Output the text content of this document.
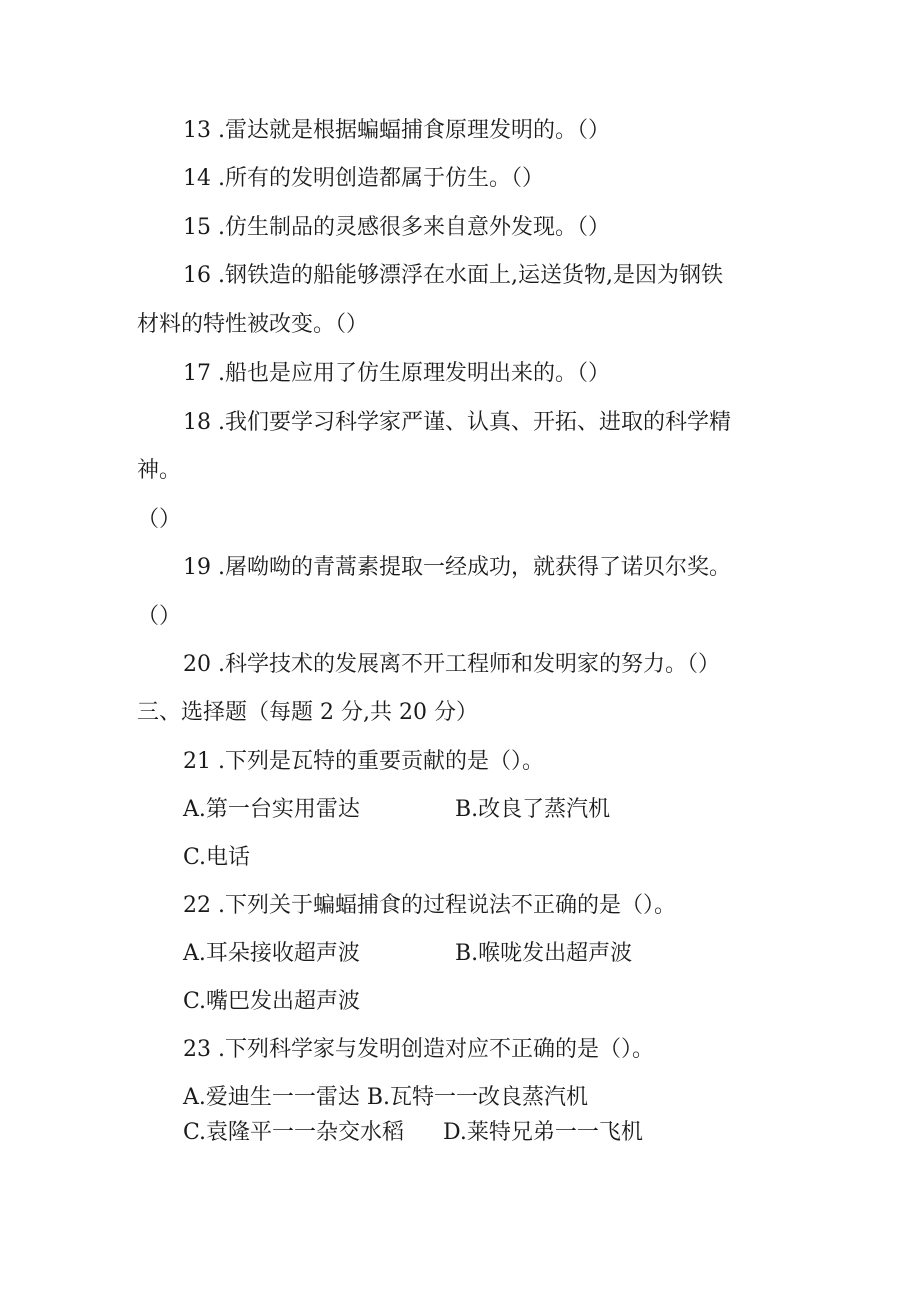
13 .雷达就是根据蝙蝠捕食原理发明的。（）
14 .所有的发明创造都属于仿生。（）
15 .仿生制品的灵感很多来自意外发现。（）
16 .钢铁造的船能够漂浮在水面上,运送货物,是因为钢铁
材料的特性被改变。（）
17 .船也是应用了仿生原理发明出来的。（）
18 .我们要学习科学家严谨、认真、开拓、进取的科学精
神。
（）
19 .屠呦呦的青蒿素提取一经成功，就获得了诺贝尔奖。
（）
20 .科学技术的发展离不开工程师和发明家的努力。（）
三、选择题（每题 2 分,共 20 分）
21 .下列是瓦特的重要贡献的是（）。
A.第一台实用雷达	B.改良了蒸汽机
C.电话
22 .下列关于蝙蝠捕食的过程说法不正确的是（）。
A.耳朵接收超声波	B.喉咙发出超声波
C.嘴巴发出超声波
23 .下列科学家与发明创造对应不正确的是（）。
A.爱迪生一一雷达 B.瓦特一一改良蒸汽机
C.袁隆平一一杂交水稻 D.莱特兄弟一一飞机
